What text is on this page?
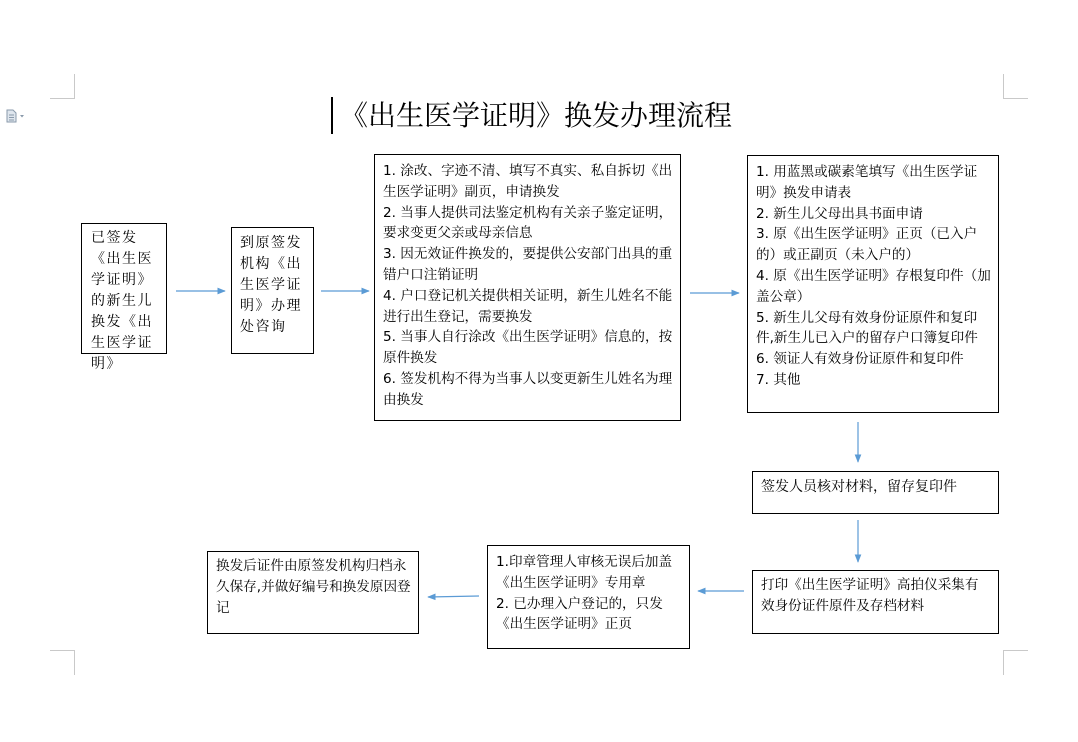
《出生医学证明》换发办理流程
已签发《出生医学证明》的新生儿换发《出生医学证明》
到原签发机构《出生医学证明》办理处咨询
1. 涂改、字迹不清、填写不真实、私自拆切《出生医学证明》副页，申请换发
2. 当事人提供司法鉴定机构有关亲子鉴定证明，要求变更父亲或母亲信息
3. 因无效证件换发的，要提供公安部门出具的重错户口注销证明
4. 户口登记机关提供相关证明，新生儿姓名不能进行出生登记，需要换发
5. 当事人自行涂改《出生医学证明》信息的，按原件换发
6. 签发机构不得为当事人以变更新生儿姓名为理由换发
1. 用蓝黑或碳素笔填写《出生医学证明》换发申请表
2. 新生儿父母出具书面申请
3. 原《出生医学证明》正页（已入户的）或正副页（未入户的）
4. 原《出生医学证明》存根复印件（加盖公章）
5. 新生儿父母有效身份证原件和复印件,新生儿已入户的留存户口簿复印件
6. 领证人有效身份证原件和复印件
7. 其他
签发人员核对材料，留存复印件
打印《出生医学证明》高拍仪采集有效身份证件原件及存档材料
1.印章管理人审核无误后加盖《出生医学证明》专用章
2. 已办理入户登记的，只发《出生医学证明》正页
换发后证件由原签发机构归档永久保存,并做好编号和换发原因登记
